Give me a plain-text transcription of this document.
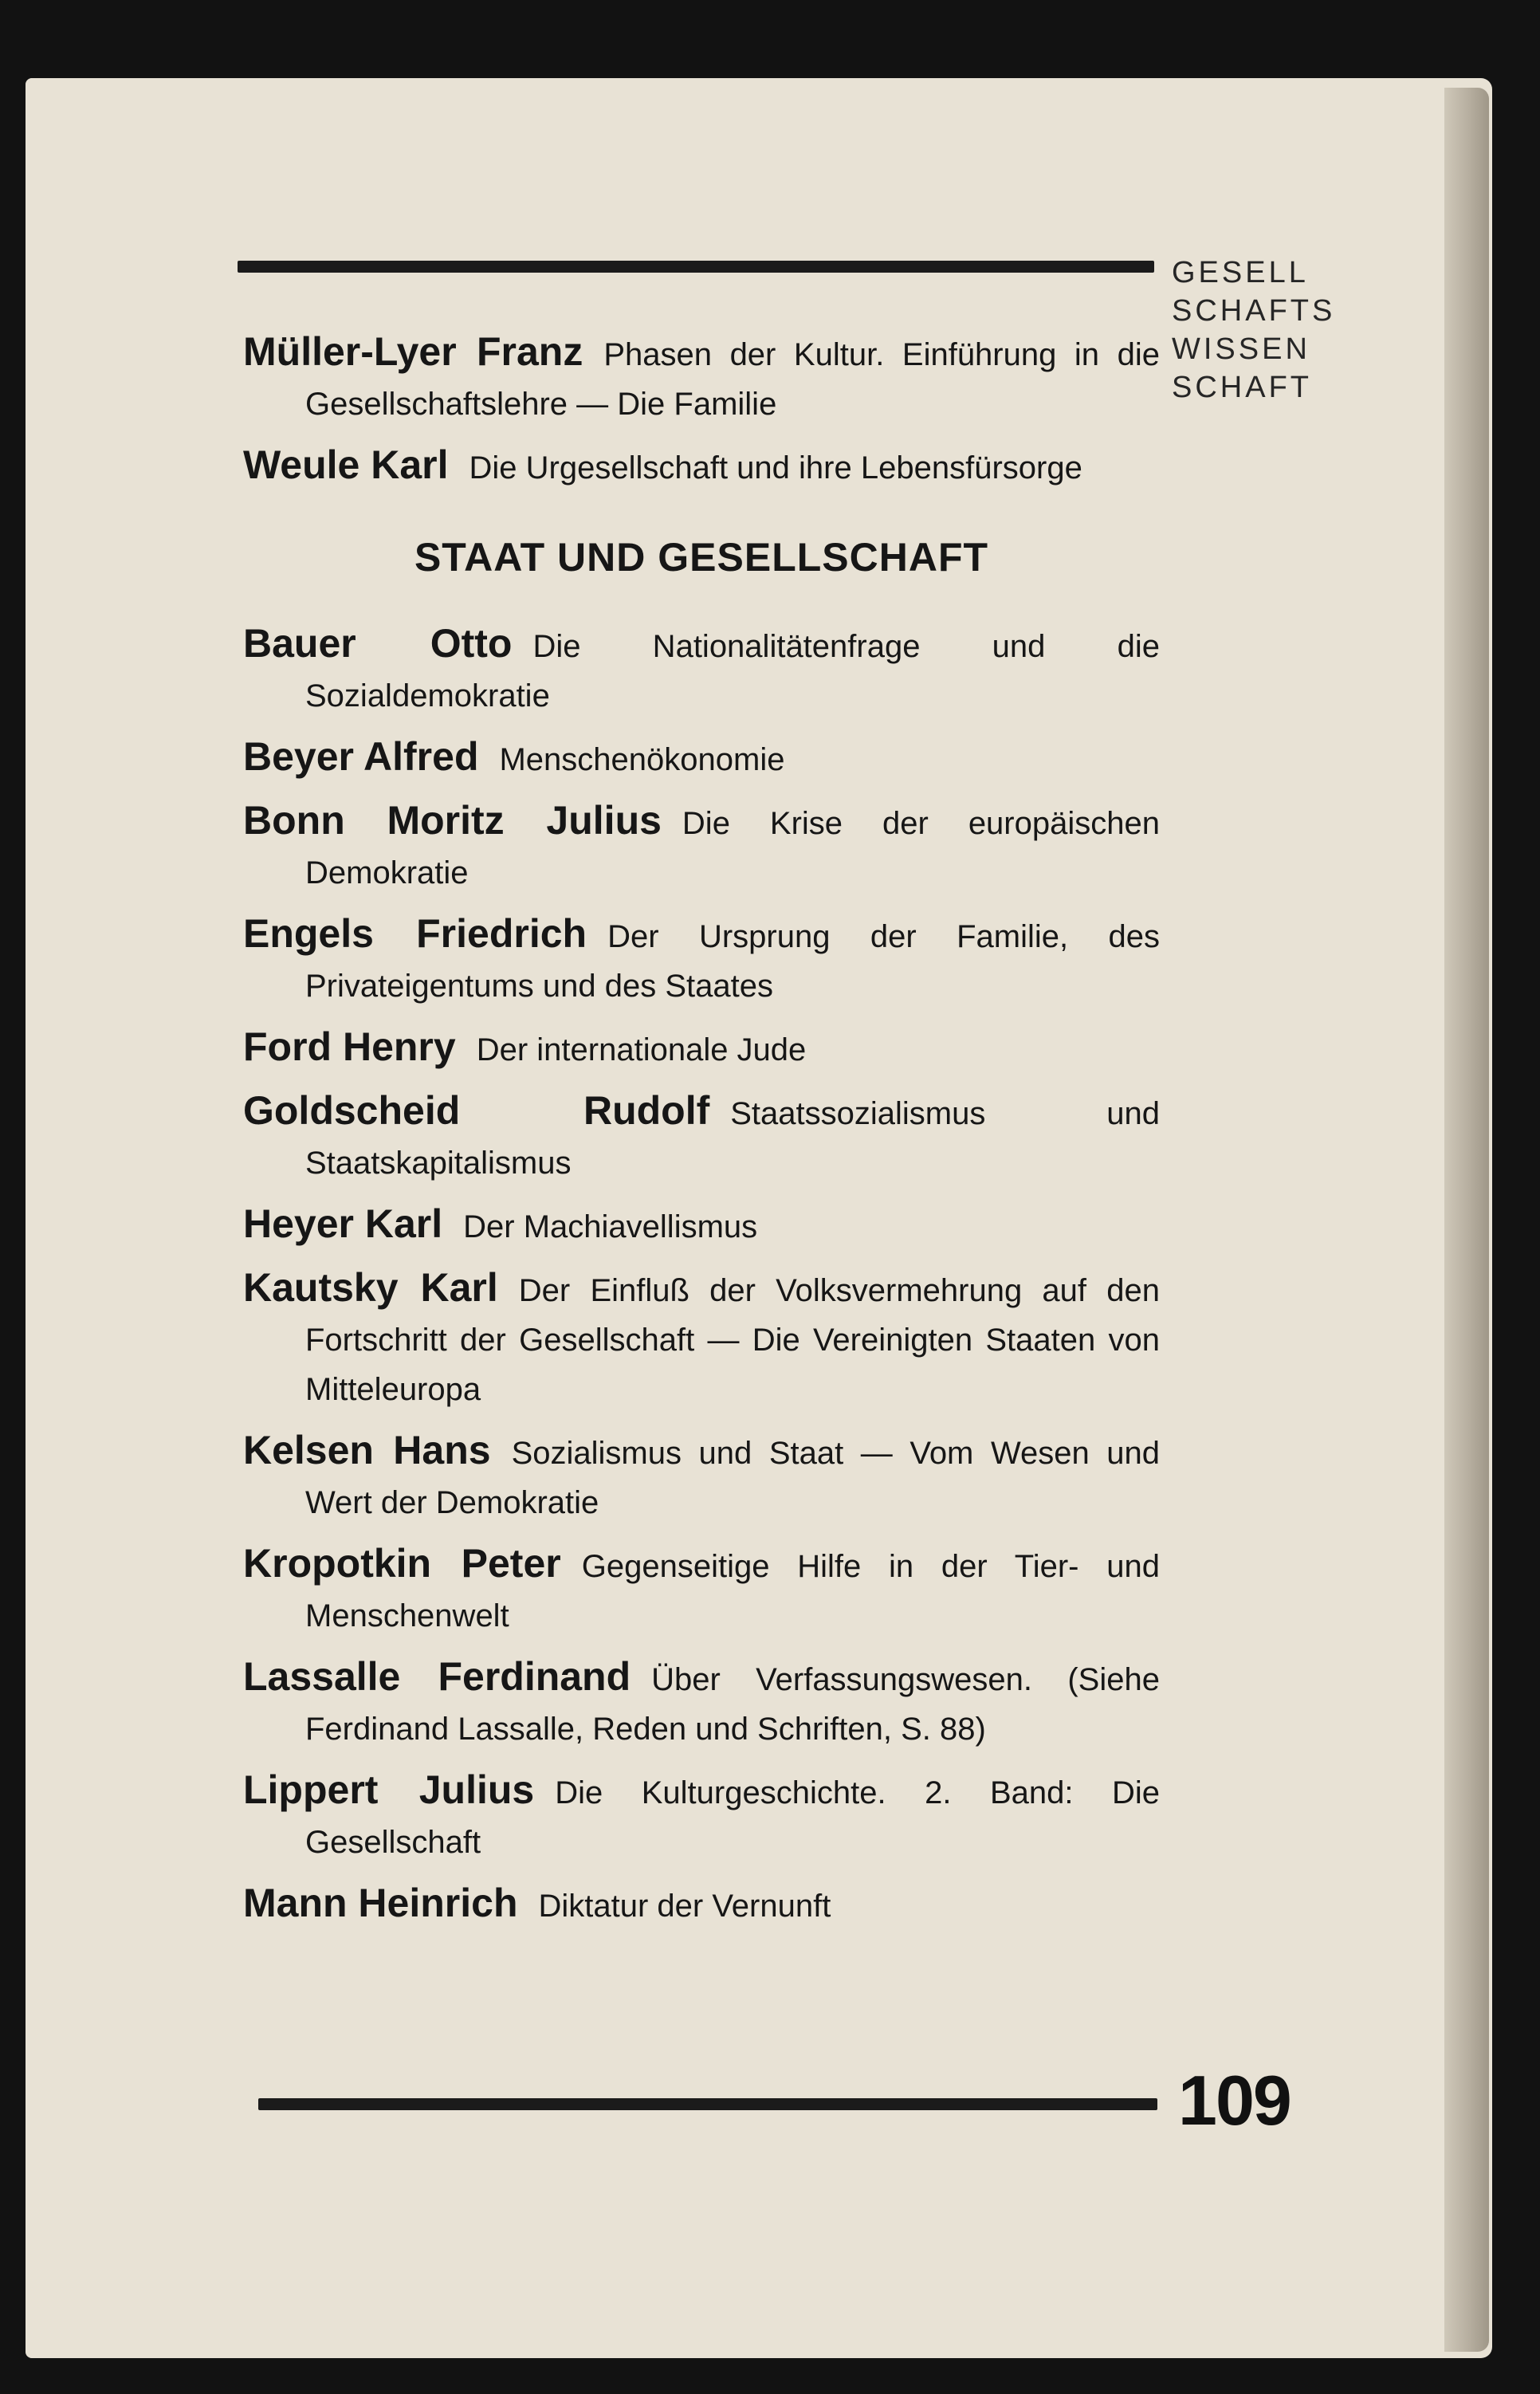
GESELL
SCHAFTS
WISSEN
SCHAFT
Müller-Lyer Franz Phasen der Kultur. Einführung in die Gesellschaftslehre — Die Familie
Weule Karl Die Urgesellschaft und ihre Lebensfürsorge
STAAT UND GESELLSCHAFT
Bauer Otto Die Nationalitätenfrage und die Sozialdemokratie
Beyer Alfred Menschenökonomie
Bonn Moritz Julius Die Krise der europäischen Demokratie
Engels Friedrich Der Ursprung der Familie, des Privateigentums und des Staates
Ford Henry Der internationale Jude
Goldscheid Rudolf Staatssozialismus und Staatskapitalismus
Heyer Karl Der Machiavellismus
Kautsky Karl Der Einfluß der Volksvermehrung auf den Fortschritt der Gesellschaft — Die Vereinigten Staaten von Mitteleuropa
Kelsen Hans Sozialismus und Staat — Vom Wesen und Wert der Demokratie
Kropotkin Peter Gegenseitige Hilfe in der Tier- und Menschenwelt
Lassalle Ferdinand Über Verfassungswesen. (Siehe Ferdinand Lassalle, Reden und Schriften, S. 88)
Lippert Julius Die Kulturgeschichte. 2. Band: Die Gesellschaft
Mann Heinrich Diktatur der Vernunft
109
